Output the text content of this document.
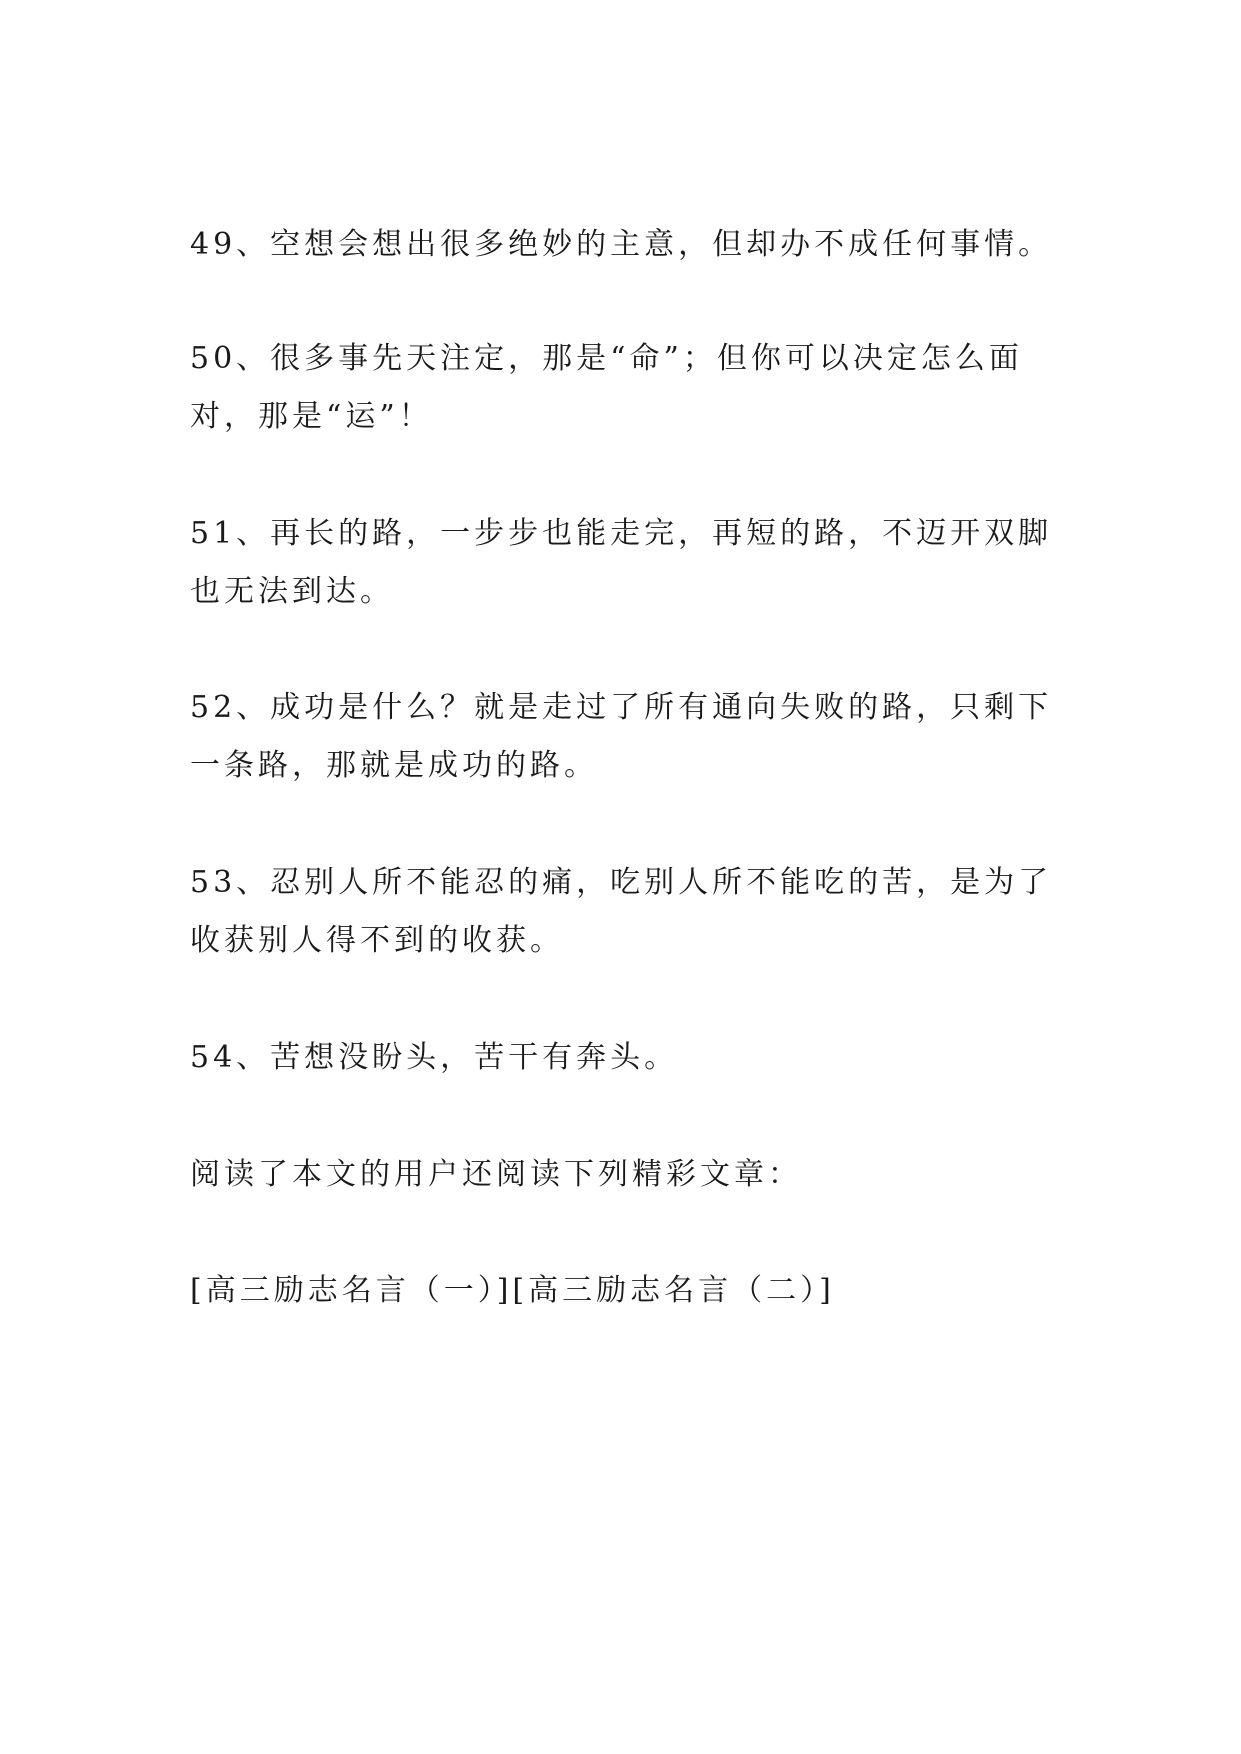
49、空想会想出很多绝妙的主意，但却办不成任何事情。

50、很多事先天注定，那是“命”；但你可以决定怎么面对，那是“运”！

51、再长的路，一步步也能走完，再短的路，不迈开双脚也无法到达。

52、成功是什么？就是走过了所有通向失败的路，只剩下一条路，那就是成功的路。

53、忍别人所不能忍的痛，吃别人所不能吃的苦，是为了收获别人得不到的收获。

54、苦想没盼头，苦干有奔头。

阅读了本文的用户还阅读下列精彩文章：

[高三励志名言（一）][高三励志名言（二）]
